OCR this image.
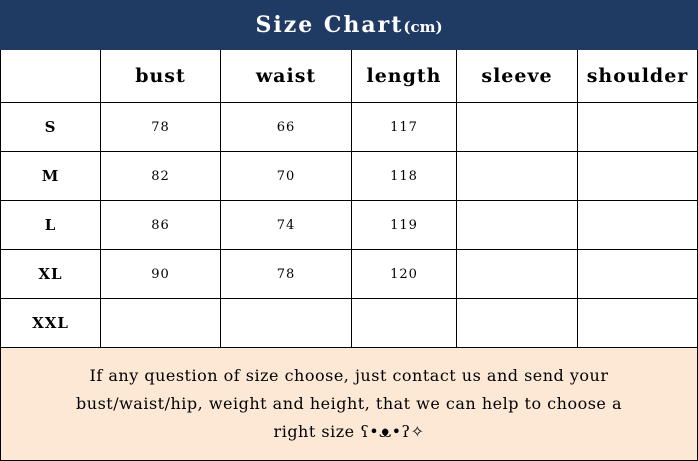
Size Chart(cm)					
	bust	waist	length	sleeve	shoulder
S	78	66	117		
M	82	70	118		
L	86	74	119		
XL	90	78	120		
XXL					

If any question of size choose, just contact us and send your
bust/waist/hip, weight and height, that we can help to choose a
right size ʕ•ᴥ•ʔ✧					
